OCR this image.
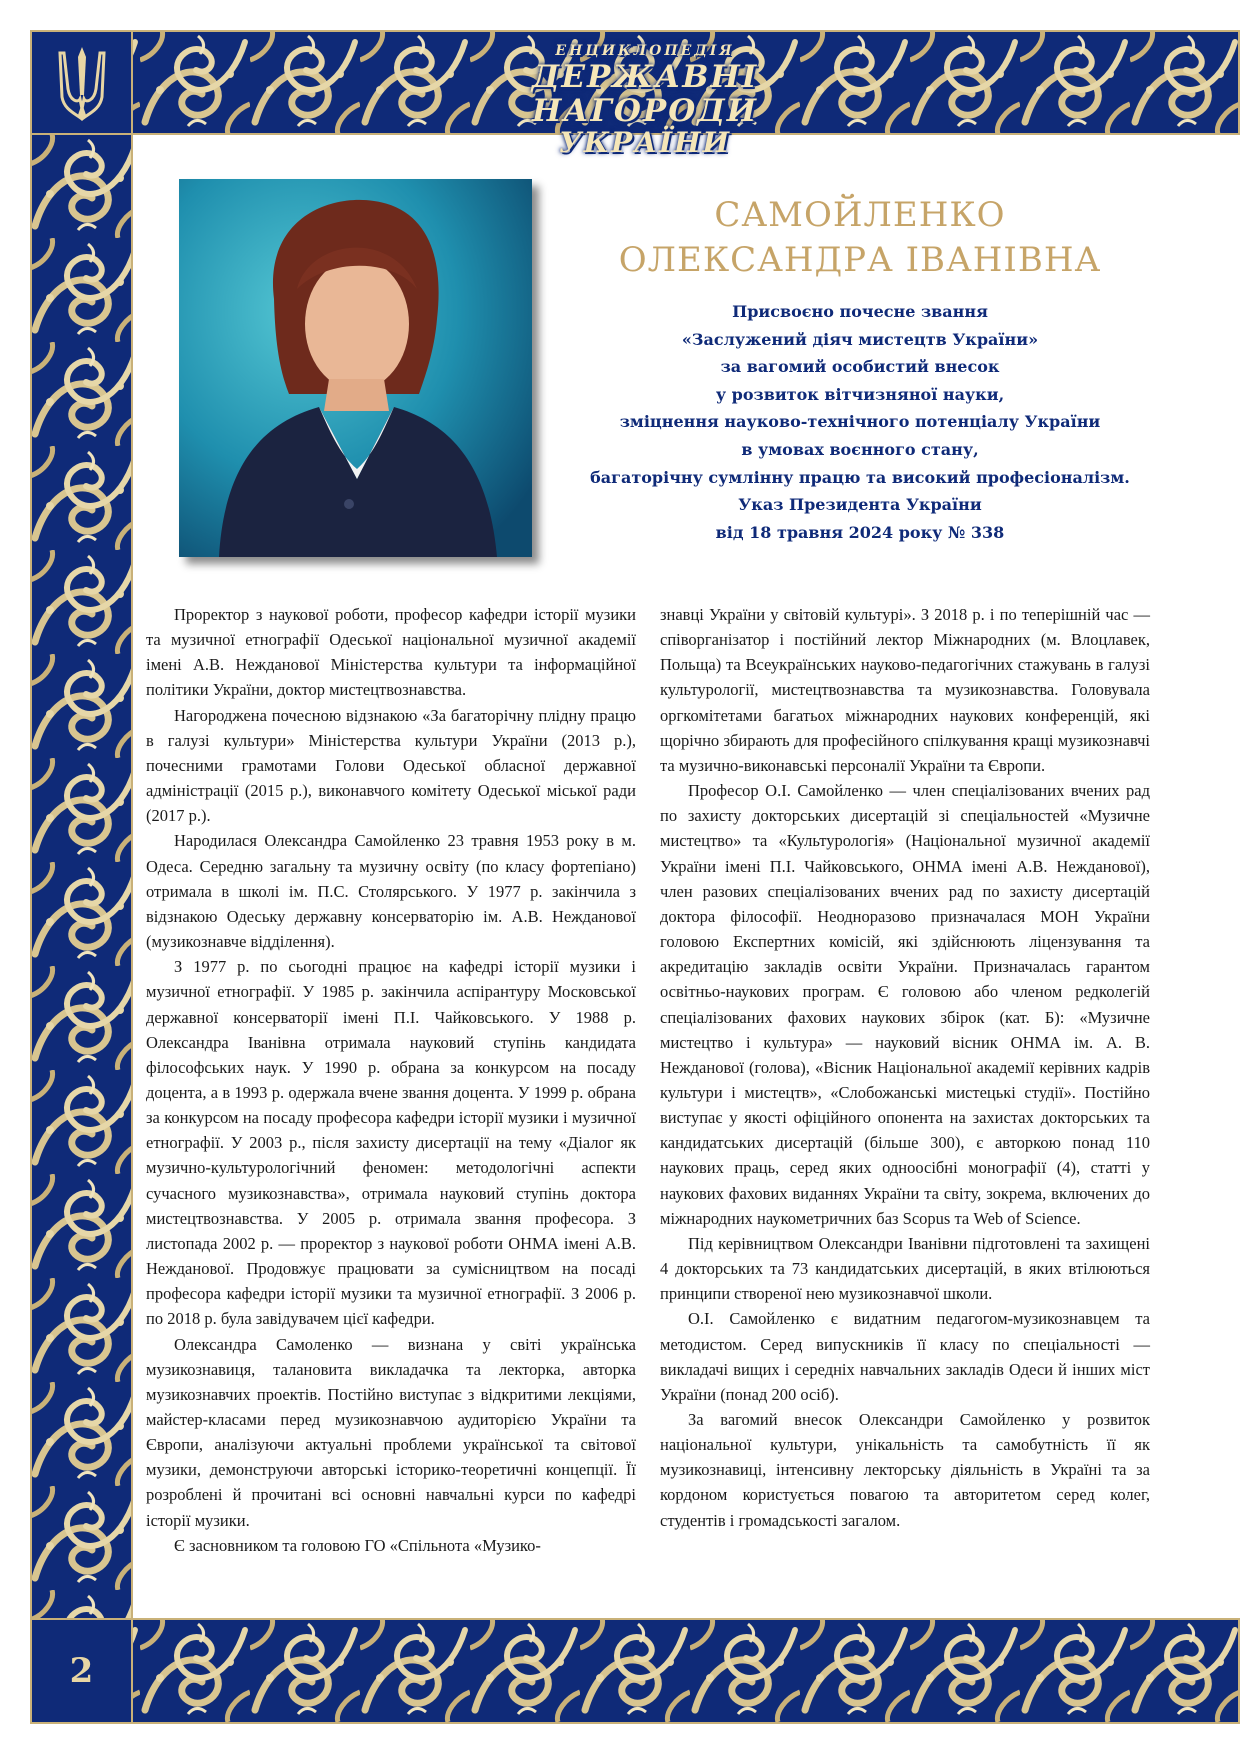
ЕНЦИКЛОПЕДІЯ
ДЕРЖАВНІ НАГОРОДИ
УКРАЇНИ
САМОЙЛЕНКО
ОЛЕКСАНДРА ІВАНІВНА
Присвоєно почесне звання
«Заслужений діяч мистецтв України»
за вагомий особистий внесок
у розвиток вітчизняної науки,
зміцнення науково-технічного потенціалу України
в умовах воєнного стану,
багаторічну сумлінну працю та високий професіоналізм.
Указ Президента України
від 18 травня 2024 року № 338

Проректор з наукової роботи, професор кафедри історії музики та музичної етнографії Одеської національної музичної академії імені А.В. Нежданової Міністерства культури та інформаційної політики України, доктор мистецтвознавства.

Нагороджена почесною відзнакою «За багаторічну плідну працю в галузі культури» Міністерства культури України (2013 р.), почесними грамотами Голови Одеської обласної державної адміністрації (2015 р.), виконавчого комітету Одеської міської ради (2017 р.).

Народилася Олександра Самойленко 23 травня 1953 року в м. Одеса. Середню загальну та музичну освіту (по класу фортепіано) отримала в школі ім. П.С. Столярського. У 1977 р. закінчила з відзнакою Одеську державну консерваторію ім. А.В. Нежданової (музикознавче відділення).

З 1977 р. по сьогодні працює на кафедрі історії музики і музичної етнографії. У 1985 р. закінчила аспірантуру Московської державної консерваторії імені П.І. Чайковського. У 1988 р. Олександра Іванівна отримала науковий ступінь кандидата філософських наук. У 1990 р. обрана за конкурсом на посаду доцента, а в 1993 р. одержала вчене звання доцента. У 1999 р. обрана за конкурсом на посаду професора кафедри історії музики і музичної етнографії. У 2003 р., після захисту дисертації на тему «Діалог як музично-культурологічний феномен: методологічні аспекти сучасного музикознавства», отримала науковий ступінь доктора мистецтвознавства. У 2005 р. отримала звання професора. З листопада 2002 р. — проректор з наукової роботи ОНМА імені А.В. Нежданової. Продовжує працювати за сумісництвом на посаді професора кафедри історії музики та музичної етнографії. З 2006 р. по 2018 р. була завідувачем цієї кафедри.

Олександра Самоленко — визнана у світі українська музикознавиця, талановита викладачка та лекторка, авторка музикознавчих проектів. Постійно виступає з відкритими лекціями, майстер-класами перед музикознавчою аудиторією України та Європи, аналізуючи актуальні проблеми української та світової музики, демонструючи авторські історико-теоретичні концепції. Її розроблені й прочитані всі основні навчальні курси по кафедрі історії музики.

Є засновником та головою ГО «Спільнота «Музико-

знавці України у світовій культурі». З 2018 р. і по теперішній час — співорганізатор і постійний лектор Міжнародних (м. Влоцлавек, Польща) та Всеукраїнських науково-педагогічних стажувань в галузі культурології, мистецтвознавства та музикознавства. Головувала оргкомітетами багатьох міжнародних наукових конференцій, які щорічно збирають для професійного спілкування кращі музикознавчі та музично-виконавські персоналії України та Європи.

Професор О.І. Самойленко — член спеціалізованих вчених рад по захисту докторських дисертацій зі спеціальностей «Музичне мистецтво» та «Культурологія» (Національної музичної академії України імені П.І. Чайковського, ОНМА імені А.В. Нежданової), член разових спеціалізованих вчених рад по захисту дисертацій доктора філософії. Неодноразово призначалася МОН України головою Експертних комісій, які здійснюють ліцензування та акредитацію закладів освіти України. Призначалась гарантом освітньо-наукових програм. Є головою або членом редколегій спеціалізованих фахових наукових збірок (кат. Б): «Музичне мистецтво і культура» — науковий вісник ОНМА ім. А. В. Нежданової (голова), «Вісник Національної академії керівних кадрів культури і мистецтв», «Слобожанські мистецькі студії». Постійно виступає у якості офіційного опонента на захистах докторських та кандидатських дисертацій (більше 300), є авторкою понад 110 наукових праць, серед яких одноосібні монографії (4), статті у наукових фахових виданнях України та світу, зокрема, включених до міжнародних наукометричних баз Scopus та Web of Science.

Під керівництвом Олександри Іванівни підготовлені та захищені 4 докторських та 73 кандидатських дисертацій, в яких втілюються принципи створеної нею музикознавчої школи.

О.І. Самойленко є видатним педагогом-музикознавцем та методистом. Серед випускників її класу по спеціальності — викладачі вищих і середніх навчальних закладів Одеси й інших міст України (понад 200 осіб).

За вагомий внесок Олександри Самойленко у розвиток національної культури, унікальність та самобутність її як музикознавиці, інтенсивну лекторську діяльність в Україні та за кордоном користується повагою та авторитетом серед колег, студентів і громадськості загалом.

2
